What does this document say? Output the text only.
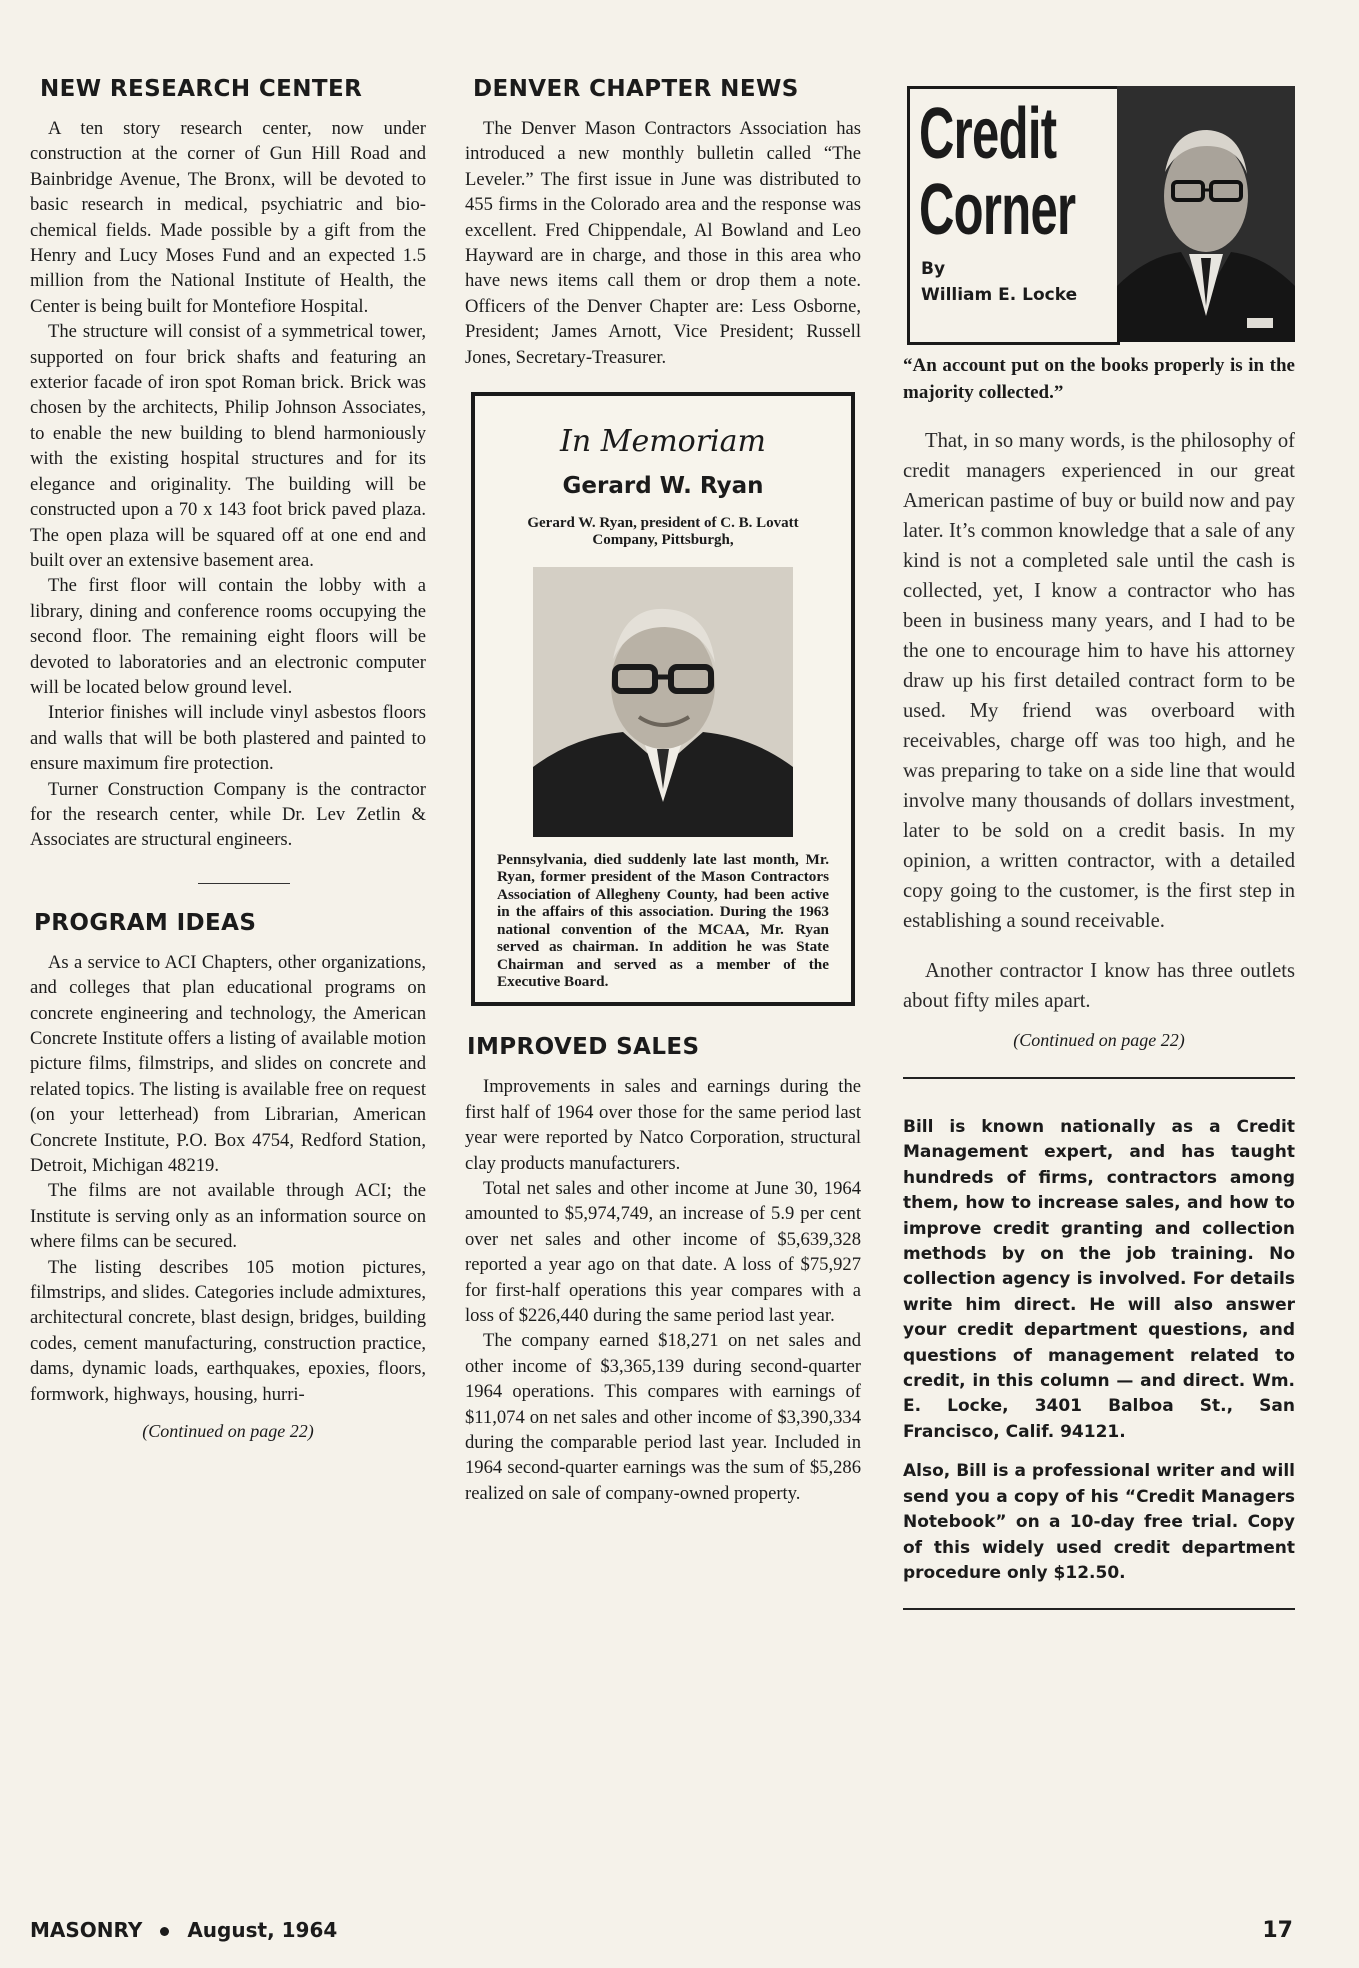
NEW RESEARCH CENTER

A ten story research center, now under construction at the corner of Gun Hill Road and Bainbridge Avenue, The Bronx, will be devoted to basic research in medical, psychiatric and bio-chemical fields. Made possible by a gift from the Henry and Lucy Moses Fund and an expected 1.5 million from the National Institute of Health, the Center is being built for Montefiore Hospital.

The structure will consist of a symmetrical tower, supported on four brick shafts and featuring an exterior facade of iron spot Roman brick. Brick was chosen by the architects, Philip Johnson Associates, to enable the new building to blend harmoniously with the existing hospital structures and for its elegance and originality. The building will be constructed upon a 70 x 143 foot brick paved plaza. The open plaza will be squared off at one end and built over an extensive basement area.

The first floor will contain the lobby with a library, dining and conference rooms occupying the second floor. The remaining eight floors will be devoted to laboratories and an electronic computer will be located below ground level.

Interior finishes will include vinyl asbestos floors and walls that will be both plastered and painted to ensure maximum fire protection.

Turner Construction Company is the contractor for the research center, while Dr. Lev Zetlin & Associates are structural engineers.

PROGRAM IDEAS

As a service to ACI Chapters, other organizations, and colleges that plan educational programs on concrete engineering and technology, the American Concrete Institute offers a listing of available motion picture films, filmstrips, and slides on concrete and related topics. The listing is available free on request (on your letterhead) from Librarian, American Concrete Institute, P.O. Box 4754, Redford Station, Detroit, Michigan 48219.

The films are not available through ACI; the Institute is serving only as an information source on where films can be secured.

The listing describes 105 motion pictures, filmstrips, and slides. Categories include admixtures, architectural concrete, blast design, bridges, building codes, cement manufacturing, construction practice, dams, dynamic loads, earthquakes, epoxies, floors, formwork, highways, housing, hurri-

(Continued on page 22)
DENVER CHAPTER NEWS

The Denver Mason Contractors Association has introduced a new monthly bulletin called “The Leveler.” The first issue in June was distributed to 455 firms in the Colorado area and the response was excellent. Fred Chippendale, Al Bowland and Leo Hayward are in charge, and those in this area who have news items call them or drop them a note. Officers of the Denver Chapter are: Less Osborne, President; James Arnott, Vice President; Russell Jones, Secretary-Treasurer.

In Memoriam
Gerard W. Ryan
Gerard W. Ryan, president of C. B. Lovatt Company, Pittsburgh,
Pennsylvania, died suddenly late last month, Mr. Ryan, former president of the Mason Contractors Association of Allegheny County, had been active in the affairs of this association. During the 1963 national convention of the MCAA, Mr. Ryan served as chairman. In addition he was State Chairman and served as a member of the Executive Board.
IMPROVED SALES

Improvements in sales and earnings during the first half of 1964 over those for the same period last year were reported by Natco Corporation, structural clay products manufacturers.

Total net sales and other income at June 30, 1964 amounted to $5,974,749, an increase of 5.9 per cent over net sales and other income of $5,639,328 reported a year ago on that date. A loss of $75,927 for first-half operations this year compares with a loss of $226,440 during the same period last year.

The company earned $18,271 on net sales and other income of $3,365,139 during second-quarter 1964 operations. This compares with earnings of $11,074 on net sales and other income of $3,390,334 during the comparable period last year. Included in 1964 second-quarter earnings was the sum of $5,286 realized on sale of company-owned property.

Credit
Corner
By
William E. Locke
“An account put on the books properly is in the majority collected.”

That, in so many words, is the philosophy of credit managers experienced in our great American pastime of buy or build now and pay later. It’s common knowledge that a sale of any kind is not a completed sale until the cash is collected, yet, I know a contractor who has been in business many years, and I had to be the one to encourage him to have his attorney draw up his first detailed contract form to be used. My friend was overboard with receivables, charge off was too high, and he was preparing to take on a side line that would involve many thousands of dollars investment, later to be sold on a credit basis. In my opinion, a written contractor, with a detailed copy going to the customer, is the first step in establishing a sound receivable.

Another contractor I know has three outlets about fifty miles apart.

(Continued on page 22)

Bill is known nationally as a Credit Management expert, and has taught hundreds of firms, contractors among them, how to increase sales, and how to improve credit granting and collection methods by on the job training. No collection agency is involved. For details write him direct. He will also answer your credit department questions, and questions of management related to credit, in this column — and direct. Wm. E. Locke, 3401 Balboa St., San Francisco, Calif. 94121.

Also, Bill is a professional writer and will send you a copy of his “Credit Managers Notebook” on a 10-day free trial. Copy of this widely used credit department procedure only $12.50.

MASONRY August, 1964	17
